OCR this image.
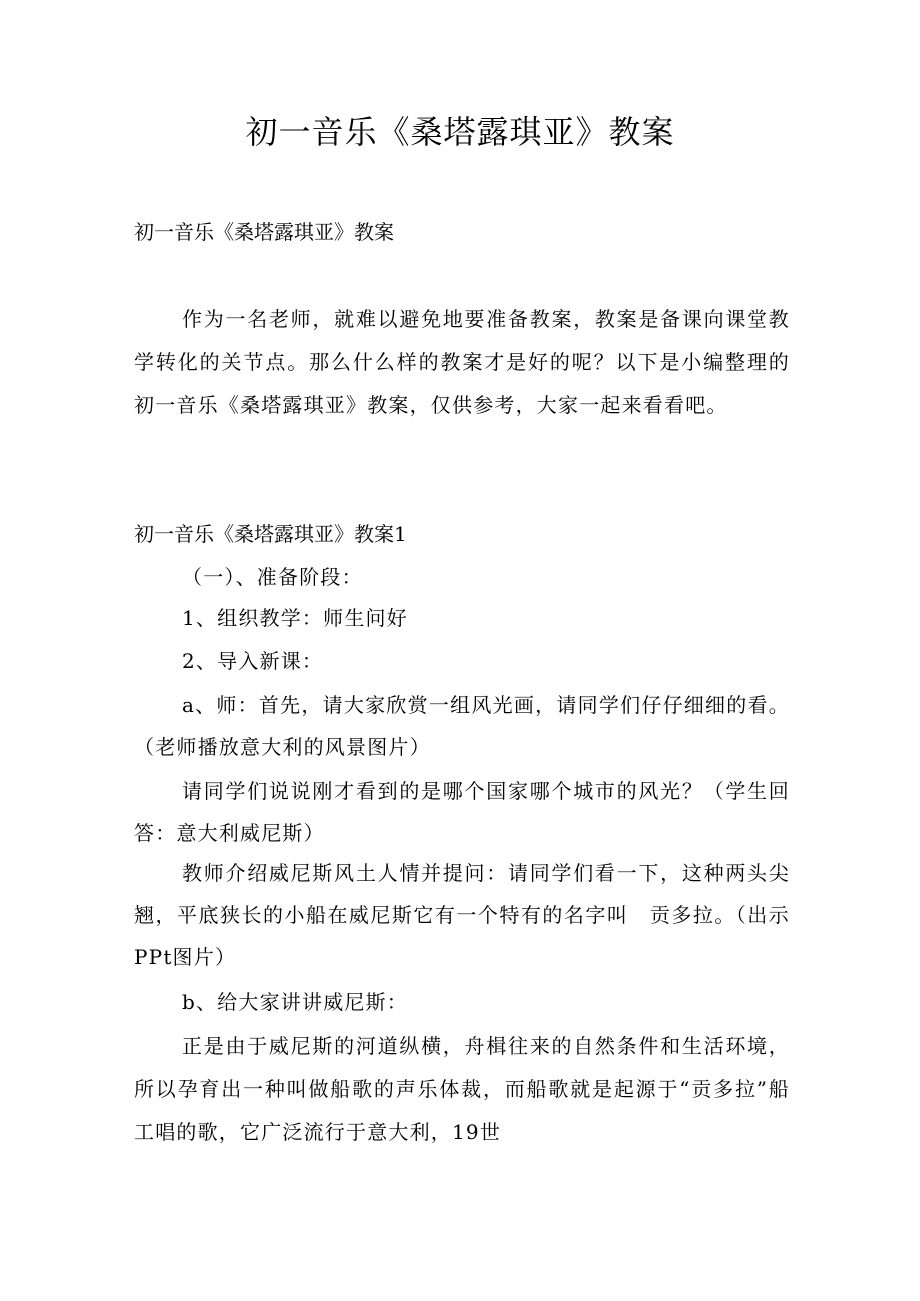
初一音乐《桑塔露琪亚》教案

初一音乐《桑塔露琪亚》教案

作为一名老师，就难以避免地要准备教案，教案是备课向课堂教学转化的关节点。那么什么样的教案才是好的呢？以下是小编整理的初一音乐《桑塔露琪亚》教案，仅供参考，大家一起来看看吧。

初一音乐《桑塔露琪亚》教案1

（一）、准备阶段：

1、组织教学：师生问好

2、导入新课：

a、师：首先，请大家欣赏一组风光画，请同学们仔仔细细的看。（老师播放意大利的风景图片）

请同学们说说刚才看到的是哪个国家哪个城市的风光？（学生回答：意大利威尼斯）

教师介绍威尼斯风土人情并提问：请同学们看一下，这种两头尖翘，平底狭长的小船在威尼斯它有一个特有的名字叫　贡多拉。（出示PPt图片）

b、给大家讲讲威尼斯：

正是由于威尼斯的河道纵横，舟楫往来的自然条件和生活环境，所以孕育出一种叫做船歌的声乐体裁，而船歌就是起源于“贡多拉”船工唱的歌，它广泛流行于意大利，19世
